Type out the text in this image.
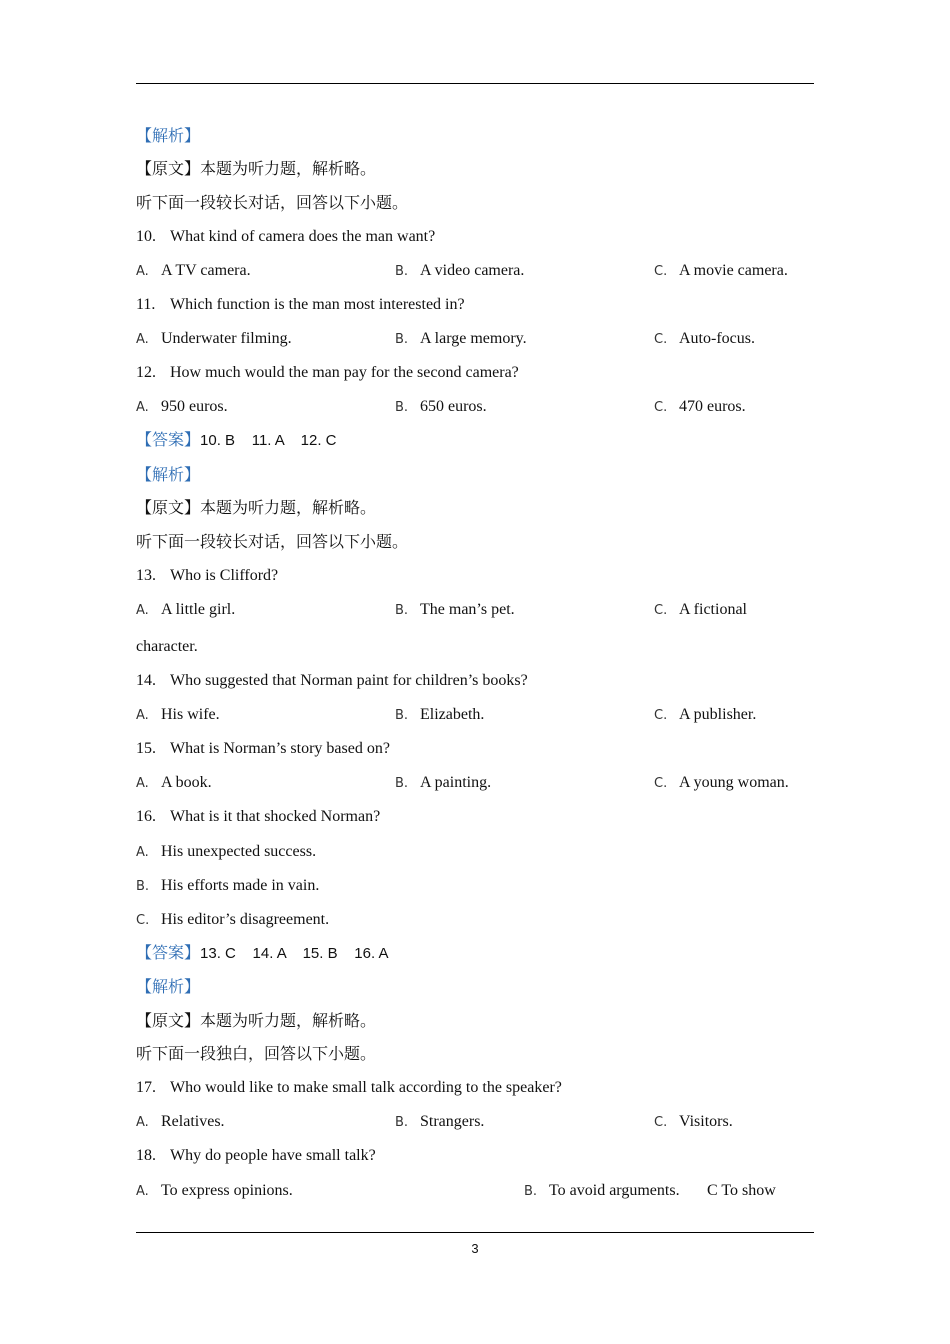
【解析】
【原文】本题为听力题，解析略。
听下面一段较长对话，回答以下小题。
10. What kind of camera does the man want?
A. A TV camera.	B. A video camera.	C. A movie camera.
11. Which function is the man most interested in?
A. Underwater filming.	B. A large memory.	C. Auto-focus.
12. How much would the man pay for the second camera?
A. 950 euros.	B. 650 euros.	C. 470 euros.
【答案】10. B    11. A    12. C
【解析】
【原文】本题为听力题，解析略。
听下面一段较长对话，回答以下小题。
13. Who is Clifford?
A. A little girl.	B. The man’s pet.	C. A fictional
character.
14. Who suggested that Norman paint for children’s books?
A. His wife.	B. Elizabeth.	C. A publisher.
15. What is Norman’s story based on?
A. A book.	B. A painting.	C. A young woman.
16. What is it that shocked Norman?
A. His unexpected success.
B. His efforts made in vain.
C. His editor’s disagreement.
【答案】13. C    14. A    15. B    16. A
【解析】
【原文】本题为听力题，解析略。
听下面一段独白，回答以下小题。
17. Who would like to make small talk according to the speaker?
A. Relatives.	B. Strangers.	C. Visitors.
18. Why do people have small talk?
A. To express opinions.	B. To avoid arguments. C To show
3
